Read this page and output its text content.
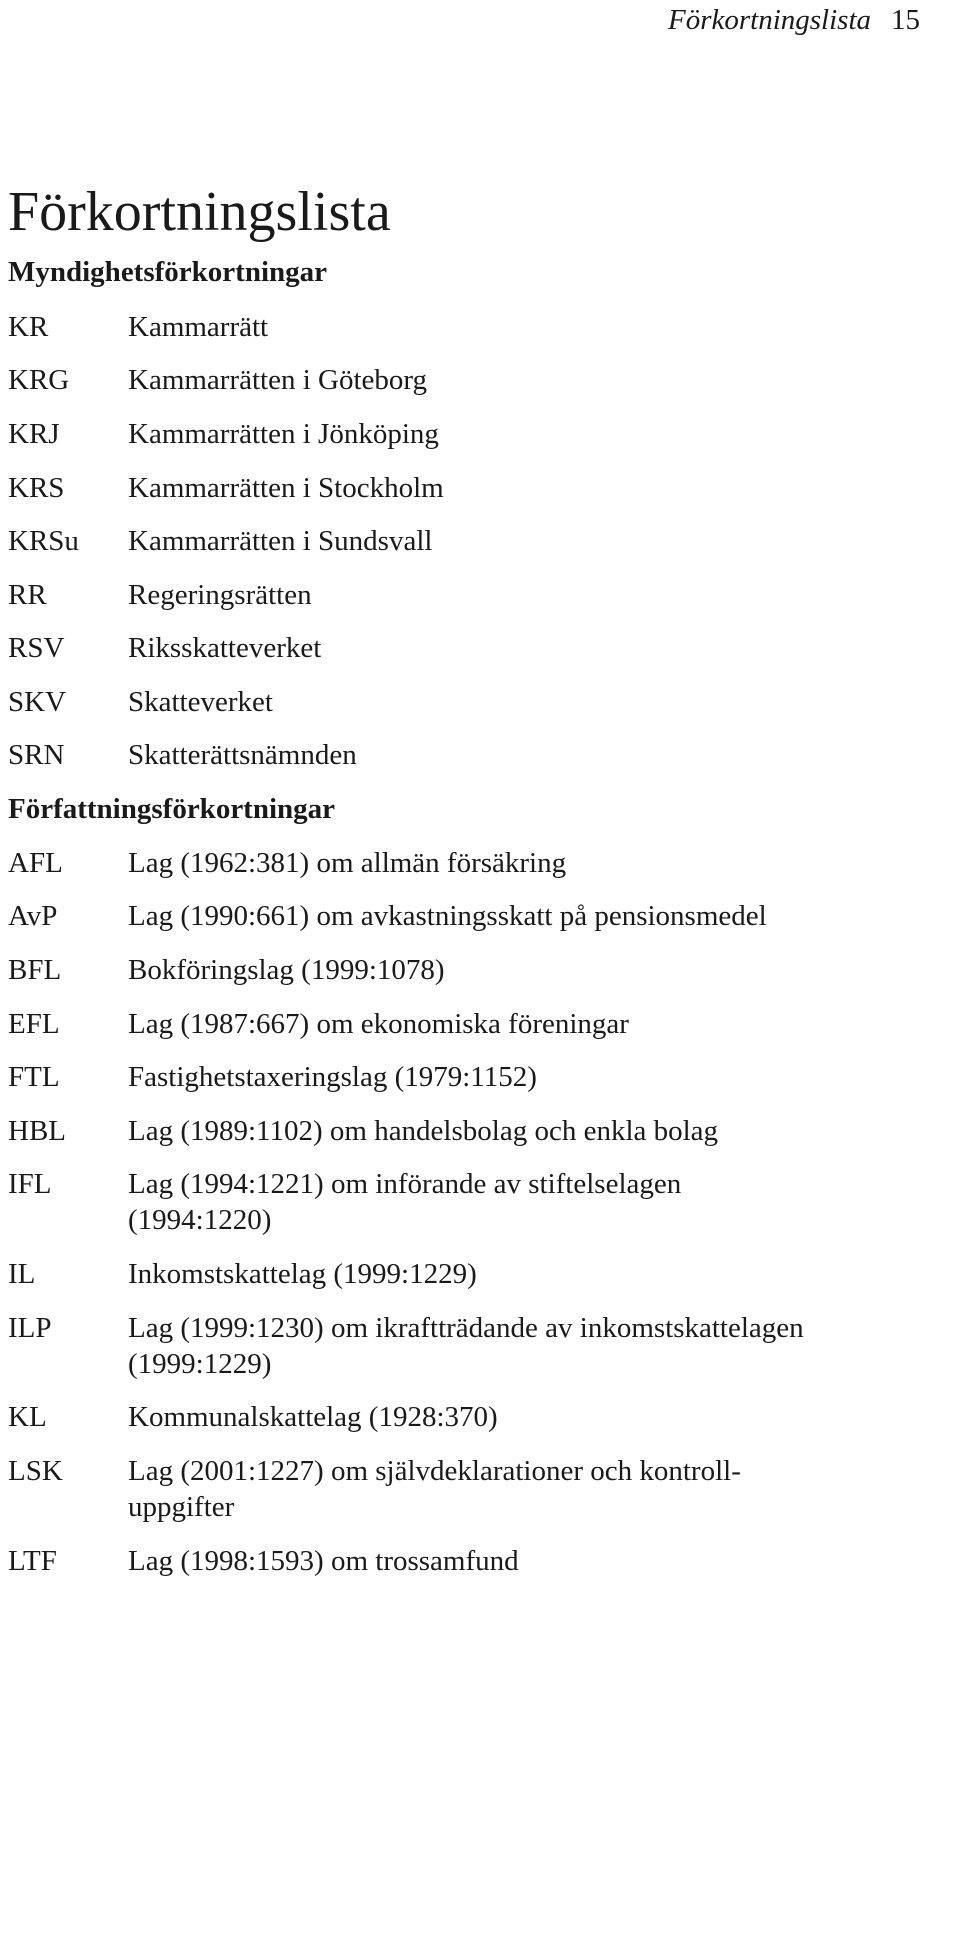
Förkortningslista 15
Förkortningslista
Myndighetsförkortningar
KR	Kammarrätt
KRG Kammarrätten i Göteborg
KRJ Kammarrätten i Jönköping
KRS Kammarrätten i Stockholm
KRSu Kammarrätten i Sundsvall
RR	Regeringsrätten
RSV Riksskatteverket
SKV Skatteverket
SRN Skatterättsnämnden
Författningsförkortningar
AFL Lag (1962:381) om allmän försäkring
AvP Lag (1990:661) om avkastningsskatt på pensionsmedel
BFL Bokföringslag (1999:1078)
EFL Lag (1987:667) om ekonomiska föreningar
FTL Fastighetstaxeringslag (1979:1152)
HBL Lag (1989:1102) om handelsbolag och enkla bolag
IFL	Lag (1994:1221) om införande av stiftelselagen
(1994:1220)
IL	Inkomstskattelag (1999:1229)
ILP	Lag (1999:1230) om ikraftträdande av inkomstskattelagen
(1999:1229)
KL	Kommunalskattelag (1928:370)
LSK Lag (2001:1227) om självdeklarationer och kontroll-
uppgifter
LTF Lag (1998:1593) om trossamfund
